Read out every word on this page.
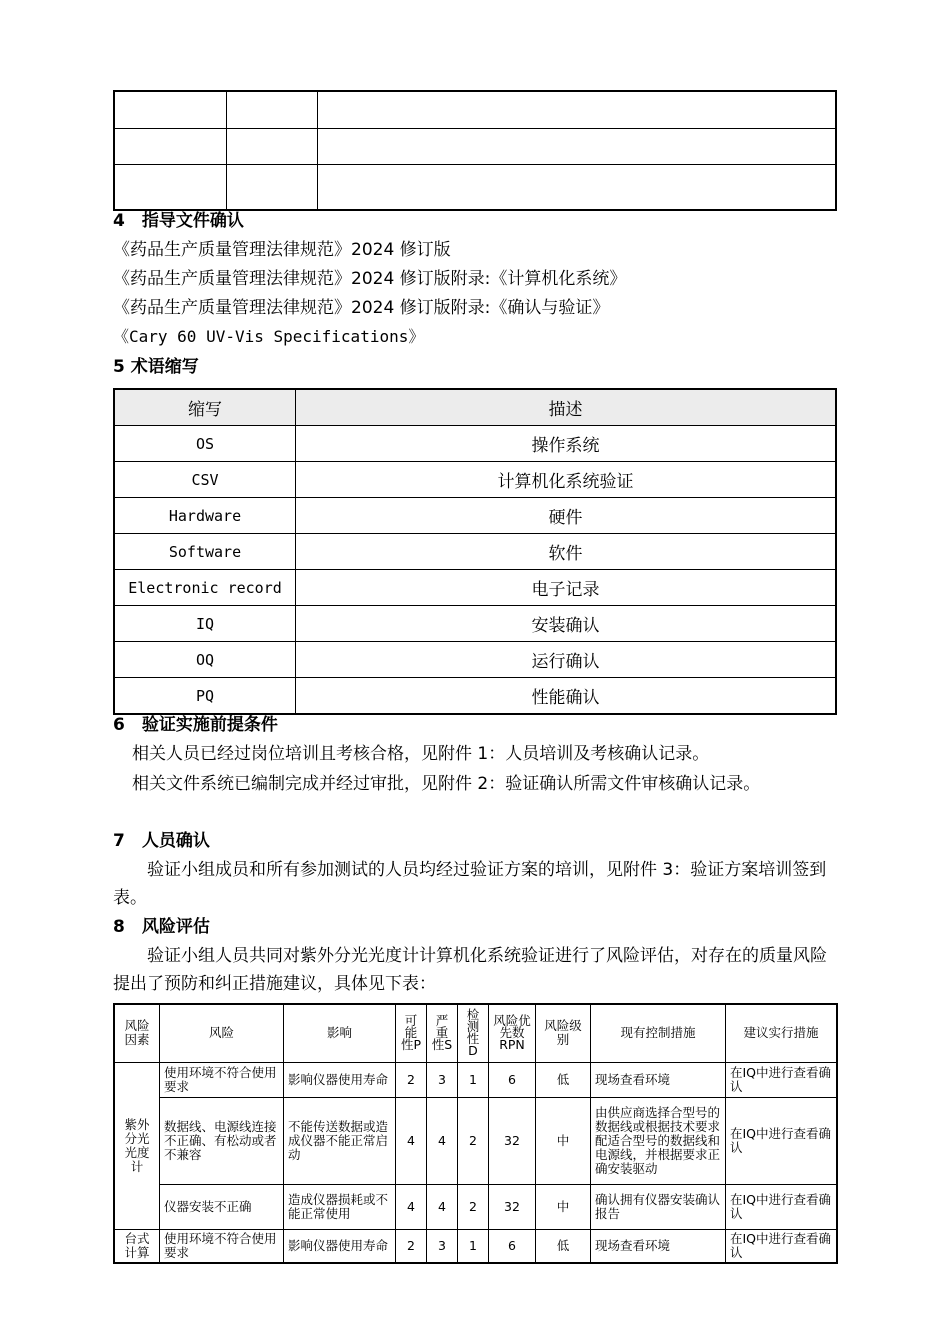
4　指导文件确认
《药品生产质量管理法律规范》2024 修订版
《药品生产质量管理法律规范》2024 修订版附录:《计算机化系统》
《药品生产质量管理法律规范》2024 修订版附录:《确认与验证》
《Cary 60 UV-Vis Specifications》
5 术语缩写
缩写	描述
OS	操作系统
CSV	计算机化系统验证
Hardware	硬件
Software	软件
Electronic record	电子记录
IQ	安装确认
OQ	运行确认
PQ	性能确认
6　验证实施前提条件
相关人员已经过岗位培训且考核合格，见附件 1：人员培训及考核确认记录。
相关文件系统已编制完成并经过审批，见附件 2：验证确认所需文件审核确认记录。
7　人员确认
验证小组成员和所有参加测试的人员均经过验证方案的培训，见附件 3：验证方案培训签到表。
8　风险评估
验证小组人员共同对紫外分光光度计计算机化系统验证进行了风险评估，对存在的质量风险提出了预防和纠正措施建议，具体见下表：
风险因素	风险	影响	可能性P	严重性S	检测性D	风险优先数RPN	风险级别	现有控制措施	建议实行措施
紫外分光光度计	使用环境不符合使用要求	影响仪器使用寿命	2	3	1	6	低	现场查看环境	在IQ中进行查看确认
	数据线、电源线连接不正确、有松动或者不兼容	不能传送数据或造成仪器不能正常启动	4	4	2	32	中	由供应商选择合型号的数据线或根据技术要求配适合型号的数据线和电源线，并根据要求正确安装驱动	在IQ中进行查看确认
	仪器安装不正确	造成仪器损耗或不能正常使用	4	4	2	32	中	确认拥有仪器安装确认报告	在IQ中进行查看确认
台式计算	使用环境不符合使用要求	影响仪器使用寿命	2	3	1	6	低	现场查看环境	在IQ中进行查看确认
